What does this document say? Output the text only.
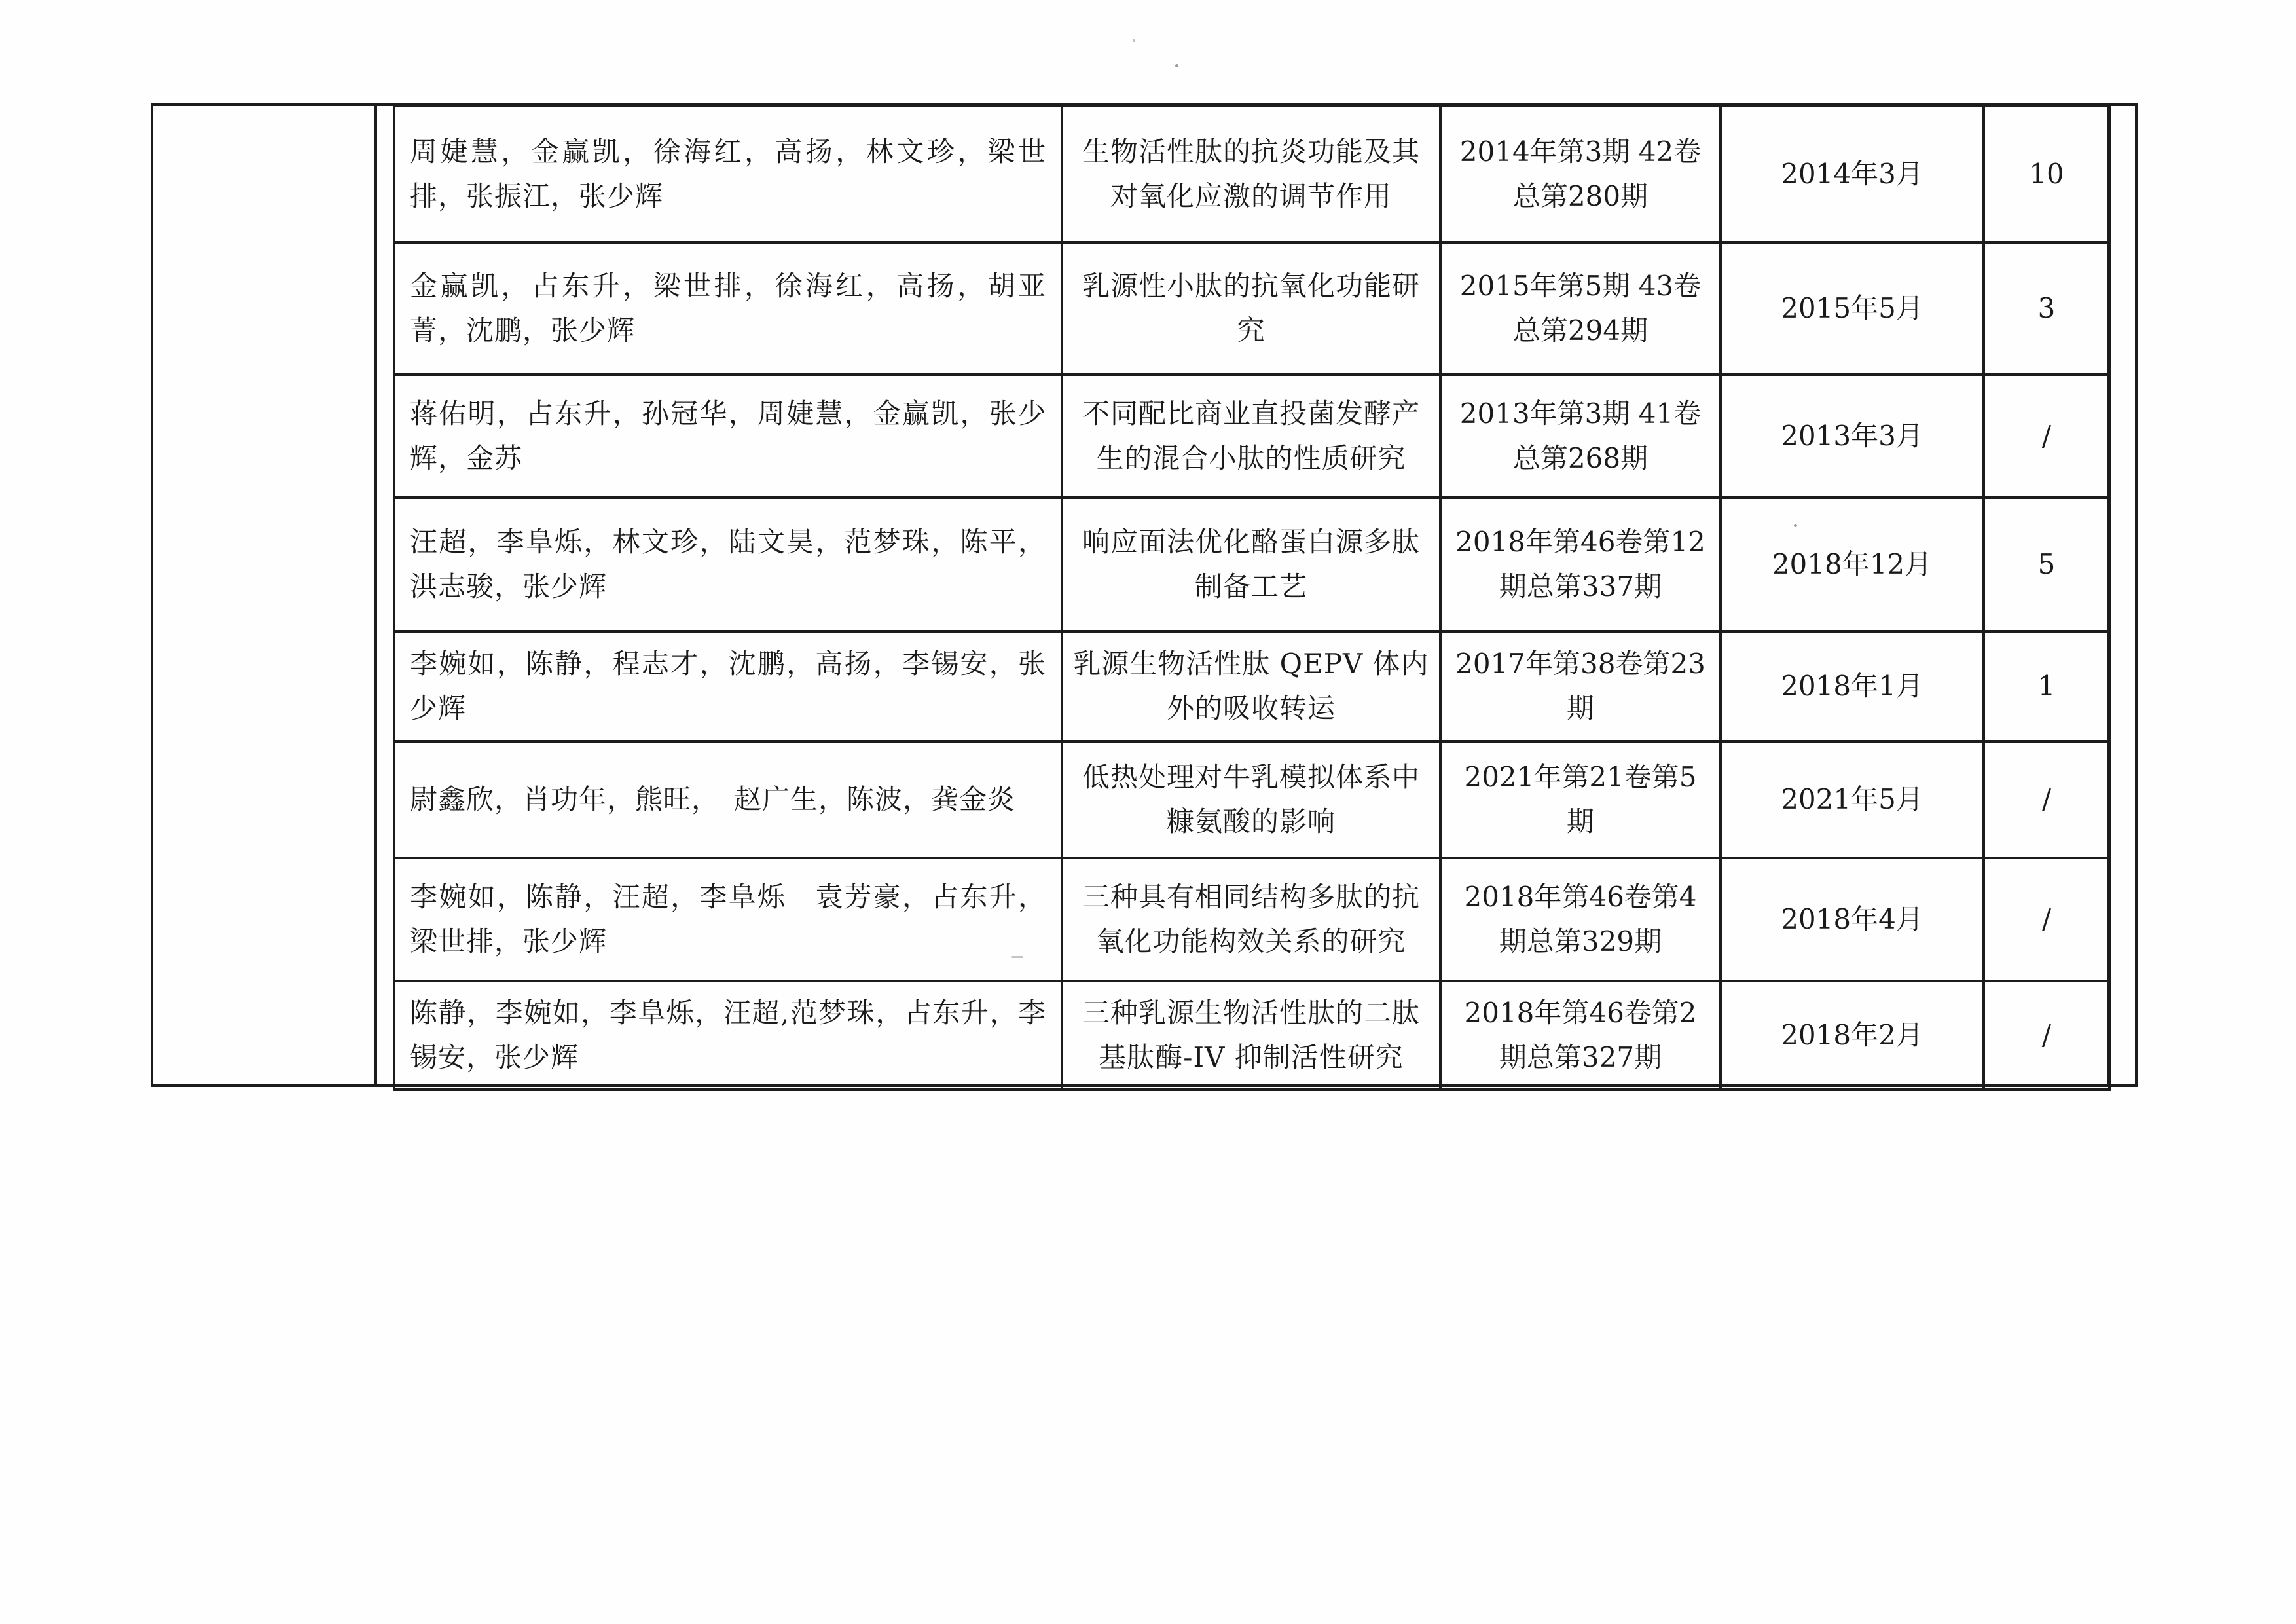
周婕慧，金赢凯，徐海红，高扬，林文珍，梁世排，张振江，张少辉	生物活性肽的抗炎功能及其对氧化应激的调节作用	2014年第3期 42卷总第280期	2014年3月	10
金赢凯，占东升，梁世排，徐海红，高扬，胡亚菁，沈鹏，张少辉	乳源性小肽的抗氧化功能研究	2015年第5期 43卷总第294期	2015年5月	3
蒋佑明，占东升，孙冠华，周婕慧，金赢凯，张少辉，金苏	不同配比商业直投菌发酵产生的混合小肽的性质研究	2013年第3期 41卷总第268期	2013年3月	/
汪超，李阜烁，林文珍，陆文昊，范梦珠，陈平，洪志骏，张少辉	响应面法优化酪蛋白源多肽制备工艺	2018年第46卷第12期总第337期	2018年12月	5
李婉如，陈静，程志才，沈鹏，高扬，李锡安，张少辉	乳源生物活性肽 QEPV 体内外的吸收转运	2017年第38卷第23期	2018年1月	1
尉鑫欣，肖功年，熊旺，　赵广生，陈波，龚金炎	低热处理对牛乳模拟体系中糠氨酸的影响	2021年第21卷第5期	2021年5月	/
李婉如，陈静，汪超，李阜烁　袁芳豪，占东升，梁世排，张少辉	三种具有相同结构多肽的抗氧化功能构效关系的研究	2018年第46卷第4期总第329期	2018年4月	/
陈静，李婉如，李阜烁，汪超,范梦珠，占东升，李锡安，张少辉	三种乳源生物活性肽的二肽基肽酶-IV 抑制活性研究	2018年第46卷第2期总第327期	2018年2月	/
